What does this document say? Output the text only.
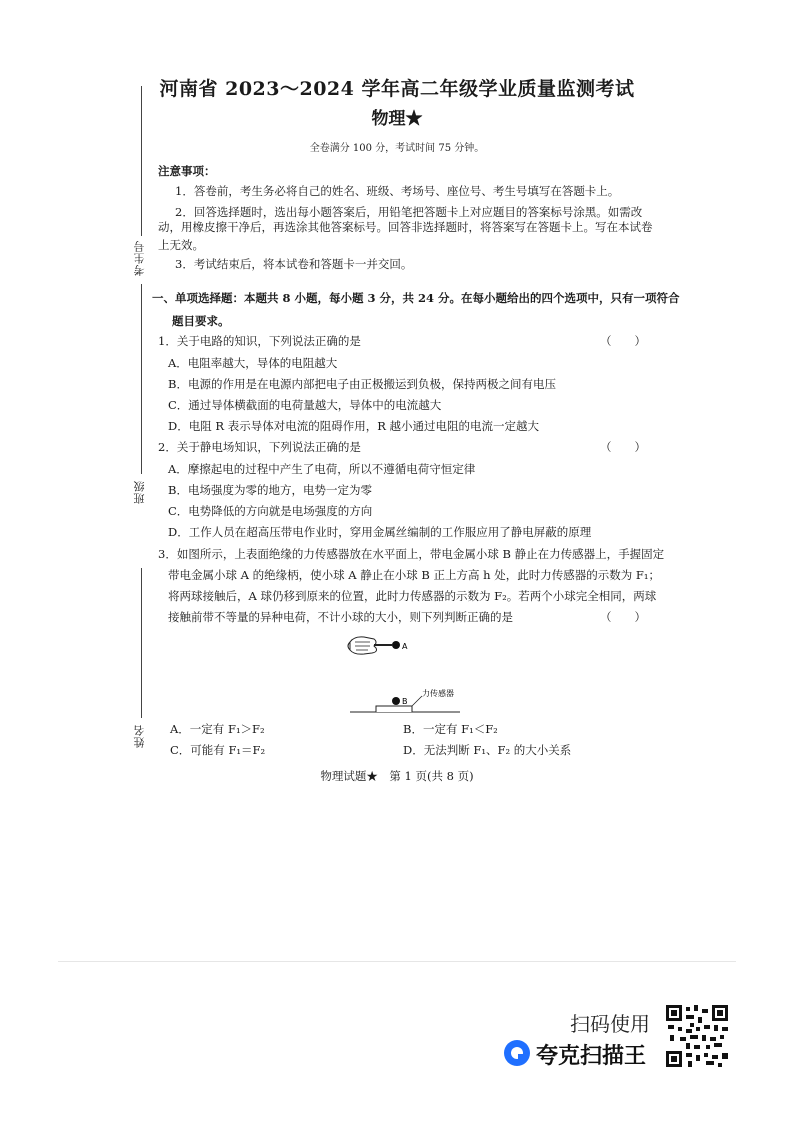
考生号
班级
姓名
河南省 2023～2024 学年高二年级学业质量监测考试
物理★
全卷满分 100 分，考试时间 75 分钟。
注意事项：
1．答卷前，考生务必将自己的姓名、班级、考场号、座位号、考生号填写在答题卡上。
2．回答选择题时，选出每小题答案后，用铅笔把答题卡上对应题目的答案标号涂黑。如需改
动，用橡皮擦干净后，再选涂其他答案标号。回答非选择题时，将答案写在答题卡上。写在本试卷
上无效。
3．考试结束后，将本试卷和答题卡一并交回。
一、单项选择题：本题共 8 小题，每小题 3 分，共 24 分。在每小题给出的四个选项中，只有一项符合
题目要求。
1．关于电路的知识，下列说法正确的是	（　　）
A．电阻率越大，导体的电阻越大
B．电源的作用是在电源内部把电子由正极搬运到负极，保持两极之间有电压
C．通过导体横截面的电荷量越大，导体中的电流越大
D．电阻 R 表示导体对电流的阻碍作用，R 越小通过电阻的电流一定越大
2．关于静电场知识，下列说法正确的是	（　　）
A．摩擦起电的过程中产生了电荷，所以不遵循电荷守恒定律
B．电场强度为零的地方，电势一定为零
C．电势降低的方向就是电场强度的方向
D．工作人员在超高压带电作业时，穿用金属丝编制的工作服应用了静电屏蔽的原理
3．如图所示，上表面绝缘的力传感器放在水平面上，带电金属小球 B 静止在力传感器上，手握固定
带电金属小球 A 的绝缘柄，使小球 A 静止在小球 B 正上方高 h 处，此时力传感器的示数为 F₁；
将两球接触后，A 球仍移到原来的位置，此时力传感器的示数为 F₂。若两个小球完全相同，两球
接触前带不等量的异种电荷，不计小球的大小，则下列判断正确的是	（　　）
A
B
力传感器
A．一定有 F₁＞F₂	B．一定有 F₁＜F₂
C．可能有 F₁＝F₂	D．无法判断 F₁、F₂ 的大小关系
物理试题★　第 1 页(共 8 页)
扫码使用
夸克扫描王
